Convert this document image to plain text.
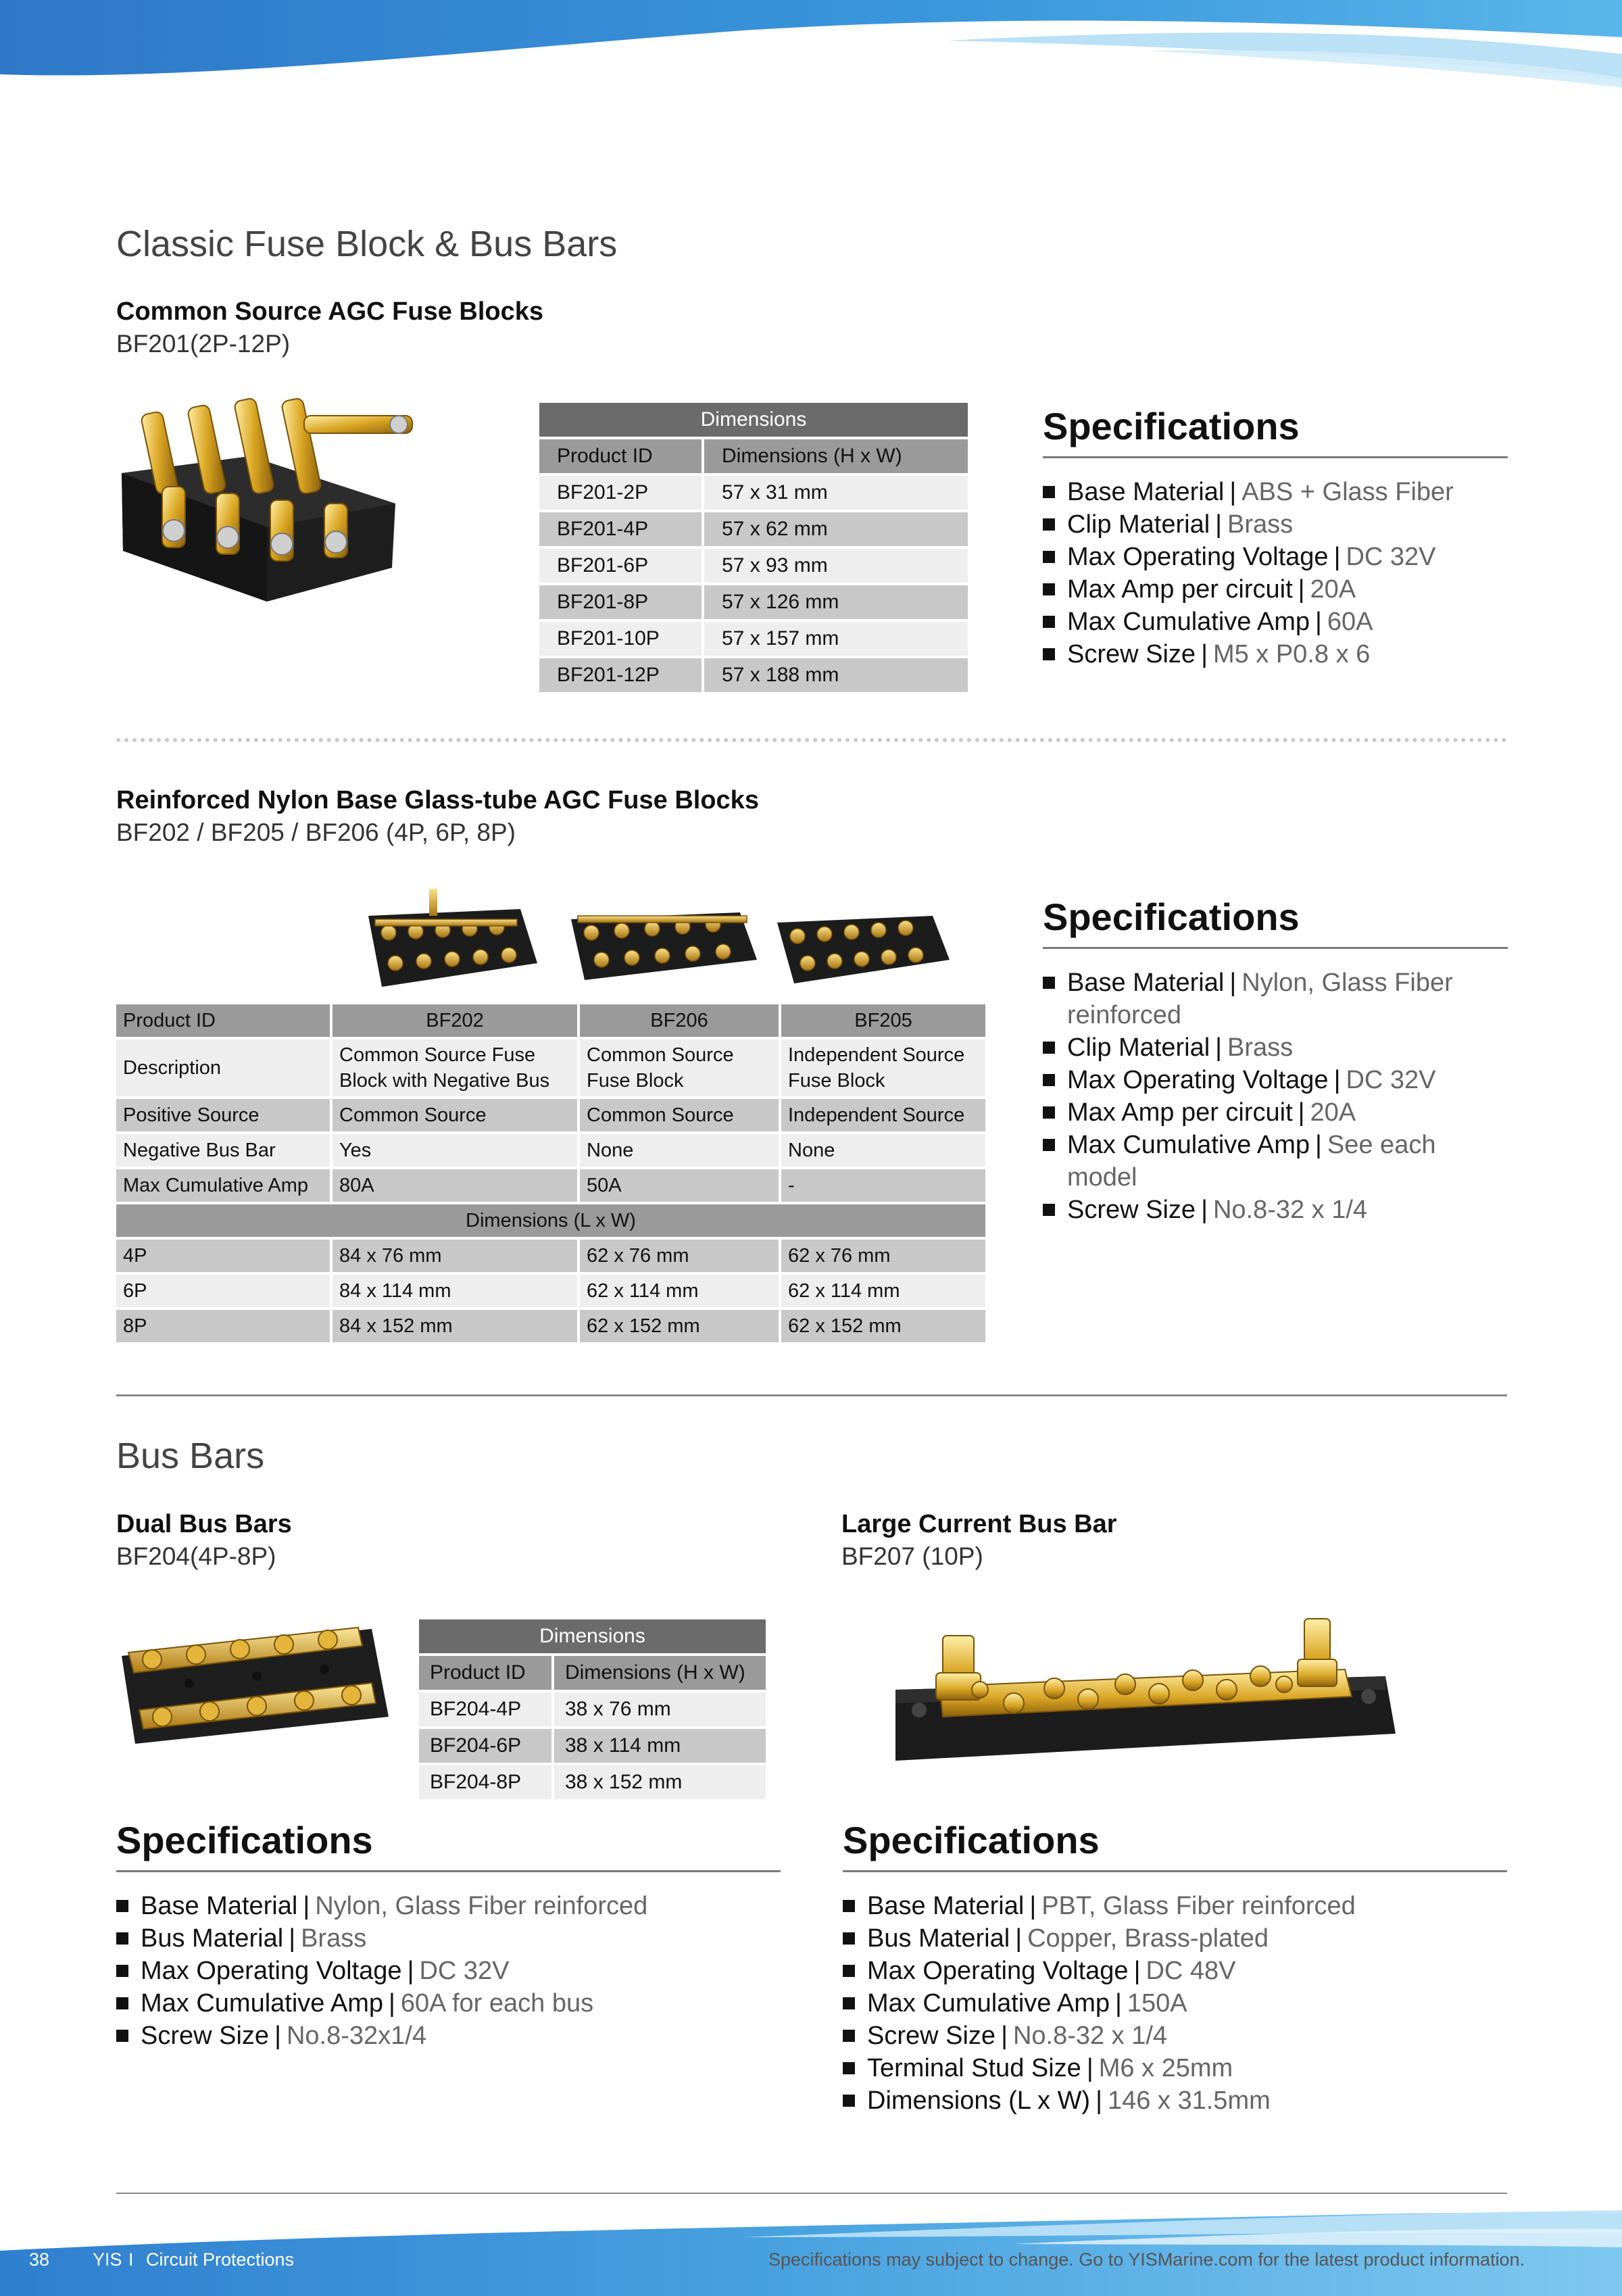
Classic Fuse Block & Bus Bars
Common Source AGC Fuse Blocks
BF201(2P-12P)
Dimensions	
Product ID	Dimensions (H x W)
BF201-2P	57 x 31 mm
BF201-4P	57 x 62 mm
BF201-6P	57 x 93 mm
BF201-8P	57 x 126 mm
BF201-10P	57 x 157 mm
BF201-12P	57 x 188 mm
Specifications
Base Material | ABS + Glass Fiber
Clip Material | Brass
Max Operating Voltage | DC 32V
Max Amp per circuit | 20A
Max Cumulative Amp | 60A
Screw Size | M5 x P0.8 x 6
Reinforced Nylon Base Glass-tube AGC Fuse Blocks
BF202 / BF205 / BF206 (4P, 6P, 8P)
Product ID	BF202	BF206	BF205
Description	Common Source Fuse Block with Negative Bus	Common Source Fuse Block	Independent Source Fuse Block
Positive Source	Common Source	Common Source	Independent Source
Negative Bus Bar	Yes	None	None
Max Cumulative Amp	80A	50A	-
Dimensions (L x W)			
4P	84 x 76 mm	62 x 76 mm	62 x 76 mm
6P	84 x 114 mm	62 x 114 mm	62 x 114 mm
8P	84 x 152 mm	62 x 152 mm	62 x 152 mm
Specifications
Base Material | Nylon, Glass Fiber reinforced
Clip Material | Brass
Max Operating Voltage | DC 32V
Max Amp per circuit | 20A
Max Cumulative Amp | See each model
Screw Size | No.8-32 x 1/4
Bus Bars
Dual Bus Bars
BF204(4P-8P)
Dimensions	
Product ID	Dimensions (H x W)
BF204-4P	38 x 76 mm
BF204-6P	38 x 114 mm
BF204-8P	38 x 152 mm
Specifications
Base Material | Nylon, Glass Fiber reinforced
Bus Material | Brass
Max Operating Voltage | DC 32V
Max Cumulative Amp | 60A for each bus
Screw Size | No.8-32x1/4
Large Current Bus Bar
BF207 (10P)
Specifications
Base Material | PBT, Glass Fiber reinforced
Bus Material | Copper, Brass-plated
Max Operating Voltage | DC 48V
Max Cumulative Amp | 150A
Screw Size | No.8-32 x 1/4
Terminal Stud Size | M6 x 25mm
Dimensions (L x W) | 146 x 31.5mm
38 YIS I Circuit Protections	Specifications may subject to change. Go to YISMarine.com for the latest product information.
